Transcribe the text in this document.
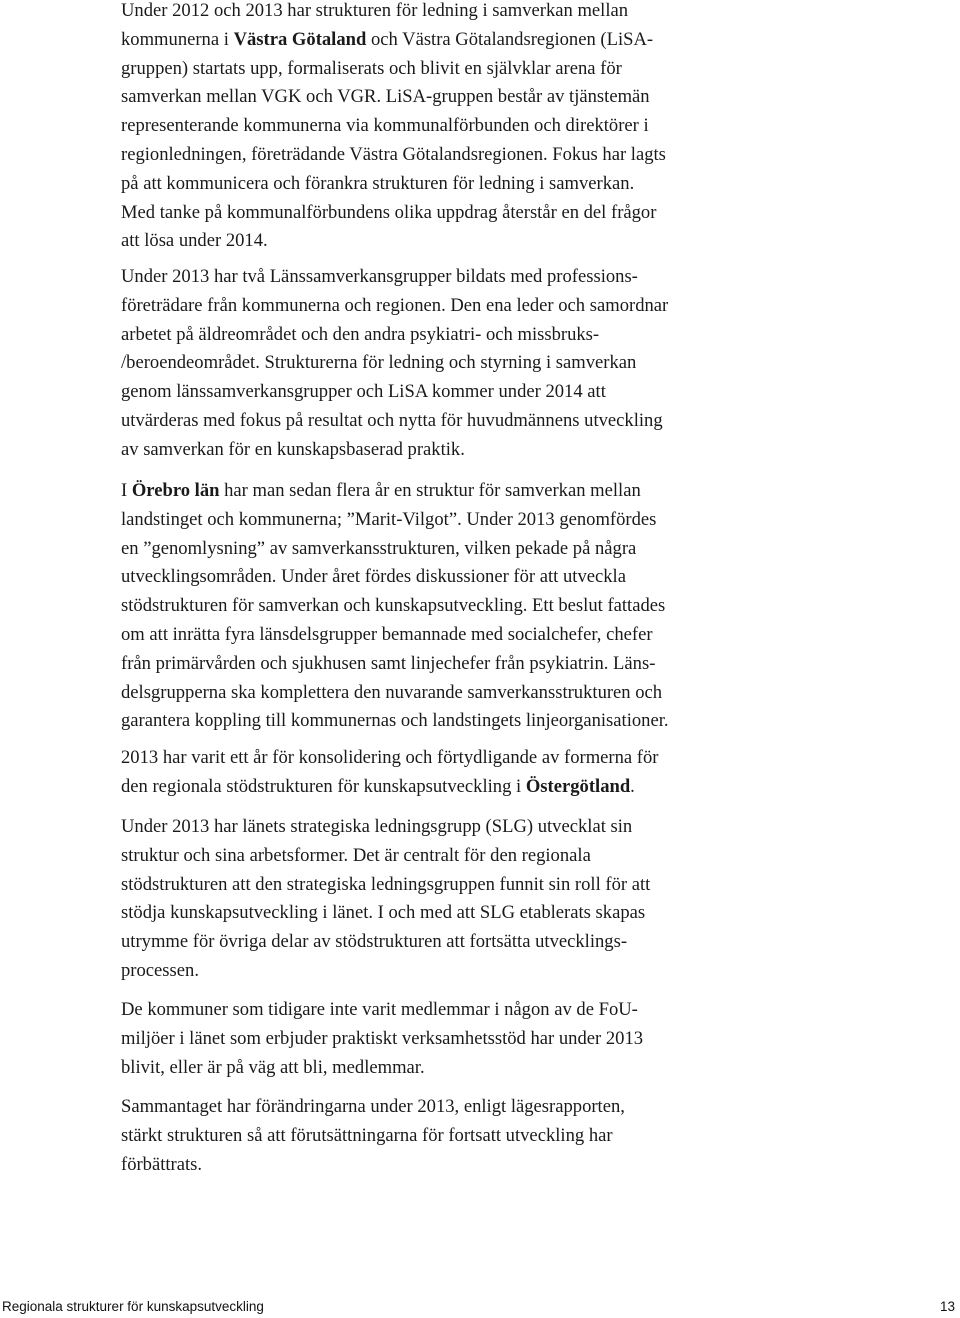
Under 2012 och 2013 har strukturen för ledning i samverkan mellan
kommunerna i Västra Götaland och Västra Götalandsregionen (LiSA-
gruppen) startats upp, formaliserats och blivit en självklar arena för
samverkan mellan VGK och VGR. LiSA-gruppen består av tjänstemän
representerande kommunerna via kommunalförbunden och direktörer i
regionledningen, företrädande Västra Götalandsregionen. Fokus har lagts
på att kommunicera och förankra strukturen för ledning i samverkan.
Med tanke på kommunalförbundens olika uppdrag återstår en del frågor
att lösa under 2014.
Under 2013 har två Länssamverkansgrupper bildats med professions-
företrädare från kommunerna och regionen. Den ena leder och samordnar
arbetet på äldreområdet och den andra psykiatri- och missbruks-
/beroendeområdet. Strukturerna för ledning och styrning i samverkan
genom länssamverkansgrupper och LiSA kommer under 2014 att
utvärderas med fokus på resultat och nytta för huvudmännens utveckling
av samverkan för en kunskapsbaserad praktik.
I Örebro län har man sedan flera år en struktur för samverkan mellan
landstinget och kommunerna; ”Marit-Vilgot”. Under 2013 genomfördes
en ”genomlysning” av samverkansstrukturen, vilken pekade på några
utvecklingsområden. Under året fördes diskussioner för att utveckla
stödstrukturen för samverkan och kunskapsutveckling. Ett beslut fattades
om att inrätta fyra länsdelsgrupper bemannade med socialchefer, chefer
från primärvården och sjukhusen samt linjechefer från psykiatrin. Läns-
delsgrupperna ska komplettera den nuvarande samverkansstrukturen och
garantera koppling till kommunernas och landstingets linjeorganisationer.
2013 har varit ett år för konsolidering och förtydligande av formerna för
den regionala stödstrukturen för kunskapsutveckling i Östergötland.
Under 2013 har länets strategiska ledningsgrupp (SLG) utvecklat sin
struktur och sina arbetsformer. Det är centralt för den regionala
stödstrukturen att den strategiska ledningsgruppen funnit sin roll för att
stödja kunskapsutveckling i länet. I och med att SLG etablerats skapas
utrymme för övriga delar av stödstrukturen att fortsätta utvecklings-
processen.
De kommuner som tidigare inte varit medlemmar i någon av de FoU-
miljöer i länet som erbjuder praktiskt verksamhetsstöd har under 2013
blivit, eller är på väg att bli, medlemmar.
Sammantaget har förändringarna under 2013, enligt lägesrapporten,
stärkt strukturen så att förutsättningarna för fortsatt utveckling har
förbättrats.
Regionala strukturer för kunskapsutveckling	13
